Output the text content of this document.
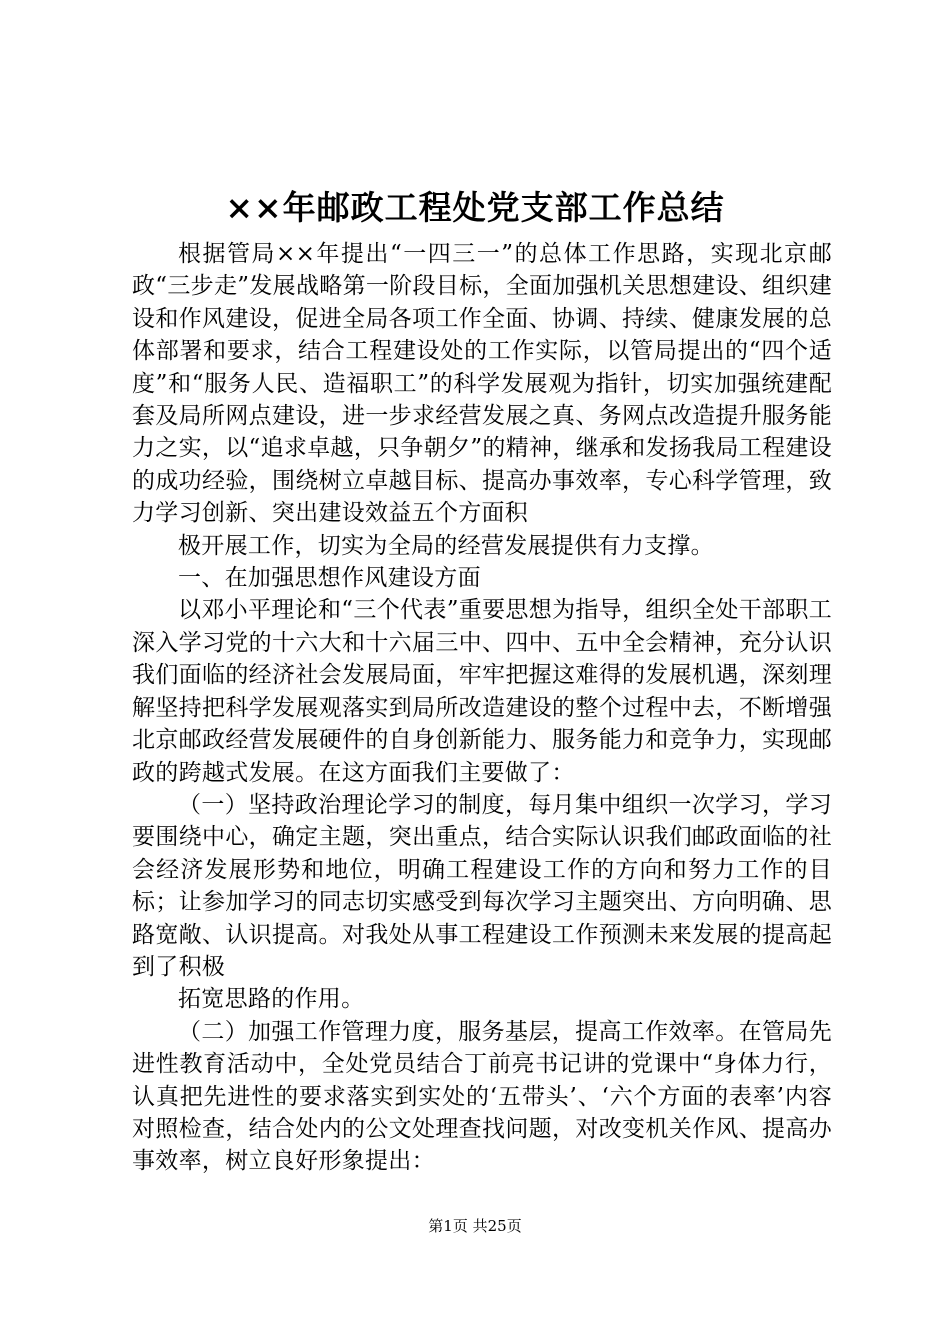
××年邮政工程处党支部工作总结

根据管局××年提出“一四三一”的总体工作思路，实现北京邮政“三步走”发展战略第一阶段目标，全面加强机关思想建设、组织建设和作风建设，促进全局各项工作全面、协调、持续、健康发展的总体部署和要求，结合工程建设处的工作实际，以管局提出的“四个适度”和“服务人民、造福职工”的科学发展观为指针，切实加强统建配套及局所网点建设，进一步求经营发展之真、务网点改造提升服务能力之实，以“追求卓越，只争朝夕”的精神，继承和发扬我局工程建设的成功经验，围绕树立卓越目标、提高办事效率，专心科学管理，致力学习创新、突出建设效益五个方面积

极开展工作，切实为全局的经营发展提供有力支撑。

一、在加强思想作风建设方面

以邓小平理论和“三个代表”重要思想为指导，组织全处干部职工深入学习党的十六大和十六届三中、四中、五中全会精神，充分认识我们面临的经济社会发展局面，牢牢把握这难得的发展机遇，深刻理解坚持把科学发展观落实到局所改造建设的整个过程中去，不断增强北京邮政经营发展硬件的自身创新能力、服务能力和竞争力，实现邮政的跨越式发展。在这方面我们主要做了：

（一）坚持政治理论学习的制度，每月集中组织一次学习，学习要围绕中心，确定主题，突出重点，结合实际认识我们邮政面临的社会经济发展形势和地位，明确工程建设工作的方向和努力工作的目标；让参加学习的同志切实感受到每次学习主题突出、方向明确、思路宽敞、认识提高。对我处从事工程建设工作预测未来发展的提高起到了积极

拓宽思路的作用。

（二）加强工作管理力度，服务基层，提高工作效率。在管局先进性教育活动中，全处党员结合丁前亮书记讲的党课中“身体力行，认真把先进性的要求落实到实处的‘五带头’、‘六个方面的表率’内容对照检查，结合处内的公文处理查找问题，对改变机关作风、提高办事效率，树立良好形象提出：

第1页 共25页
